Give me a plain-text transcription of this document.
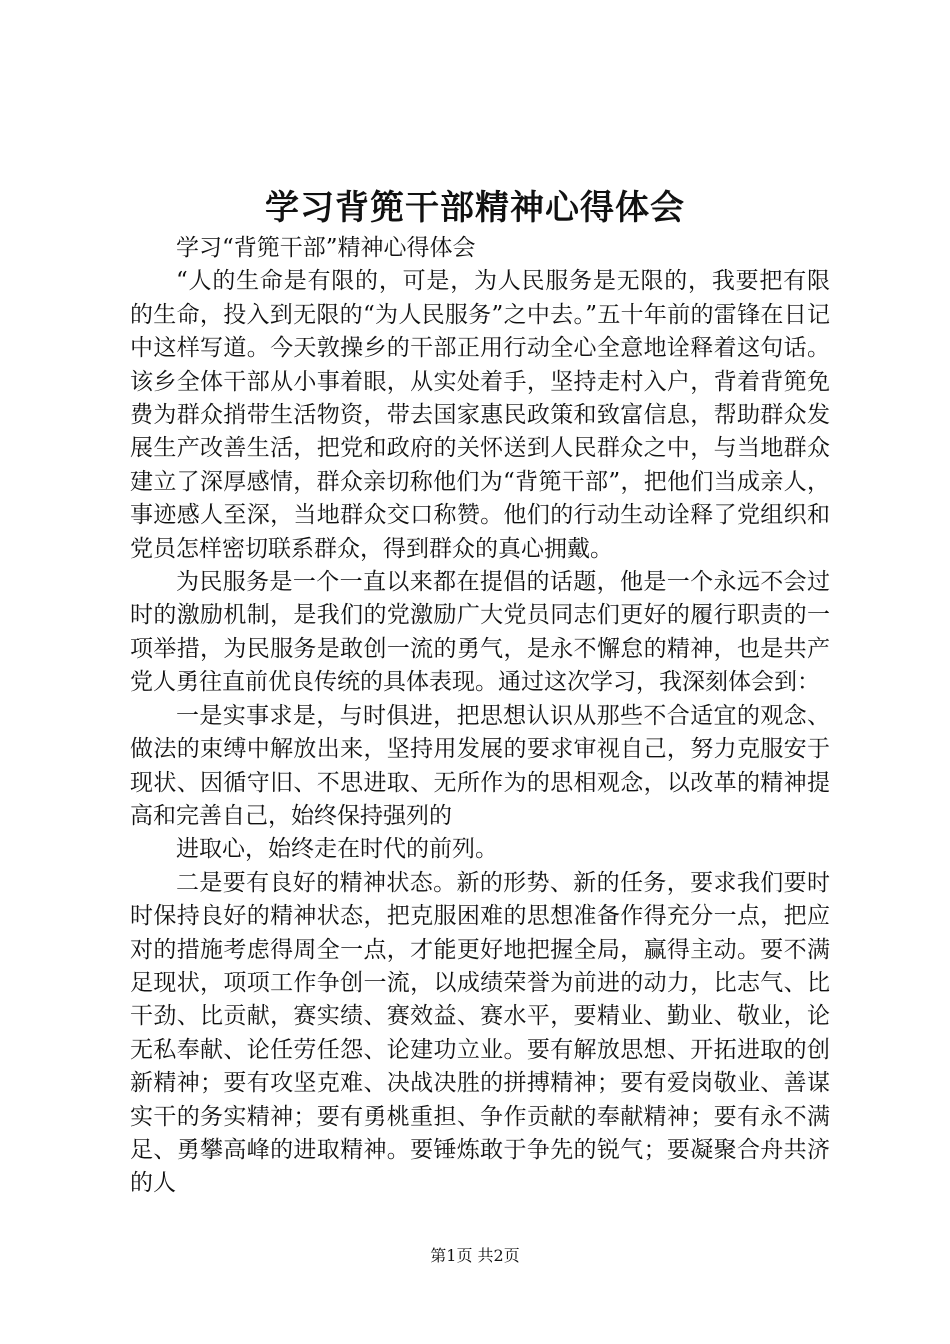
学习背篼干部精神心得体会

学习“背篼干部”精神心得体会

“人的生命是有限的，可是，为人民服务是无限的，我要把有限的生命，投入到无限的“为人民服务”之中去。”五十年前的雷锋在日记中这样写道。今天敦操乡的干部正用行动全心全意地诠释着这句话。该乡全体干部从小事着眼，从实处着手，坚持走村入户，背着背篼免费为群众捎带生活物资，带去国家惠民政策和致富信息，帮助群众发展生产改善生活，把党和政府的关怀送到人民群众之中，与当地群众建立了深厚感情，群众亲切称他们为“背篼干部”，把他们当成亲人，事迹感人至深，当地群众交口称赞。他们的行动生动诠释了党组织和党员怎样密切联系群众，得到群众的真心拥戴。

为民服务是一个一直以来都在提倡的话题，他是一个永远不会过时的激励机制，是我们的党激励广大党员同志们更好的履行职责的一项举措，为民服务是敢创一流的勇气，是永不懈怠的精神，也是共产党人勇往直前优良传统的具体表现。通过这次学习，我深刻体会到：

一是实事求是，与时俱进，把思想认识从那些不合适宜的观念、做法的束缚中解放出来，坚持用发展的要求审视自己，努力克服安于现状、因循守旧、不思进取、无所作为的思相观念，以改革的精神提高和完善自己，始终保持强列的

进取心，始终走在时代的前列。

二是要有良好的精神状态。新的形势、新的任务，要求我们要时时保持良好的精神状态，把克服困难的思想准备作得充分一点，把应对的措施考虑得周全一点，才能更好地把握全局，赢得主动。要不满足现状，项项工作争创一流，以成绩荣誉为前进的动力，比志气、比干劲、比贡献，赛实绩、赛效益、赛水平，要精业、勤业、敬业，论无私奉献、论任劳任怨、论建功立业。要有解放思想、开拓进取的创新精神；要有攻坚克难、决战决胜的拼搏精神；要有爱岗敬业、善谋实干的务实精神；要有勇桃重担、争作贡献的奉献精神；要有永不满足、勇攀高峰的进取精神。要锤炼敢于争先的锐气；要凝聚合舟共济的人

第1页 共2页
